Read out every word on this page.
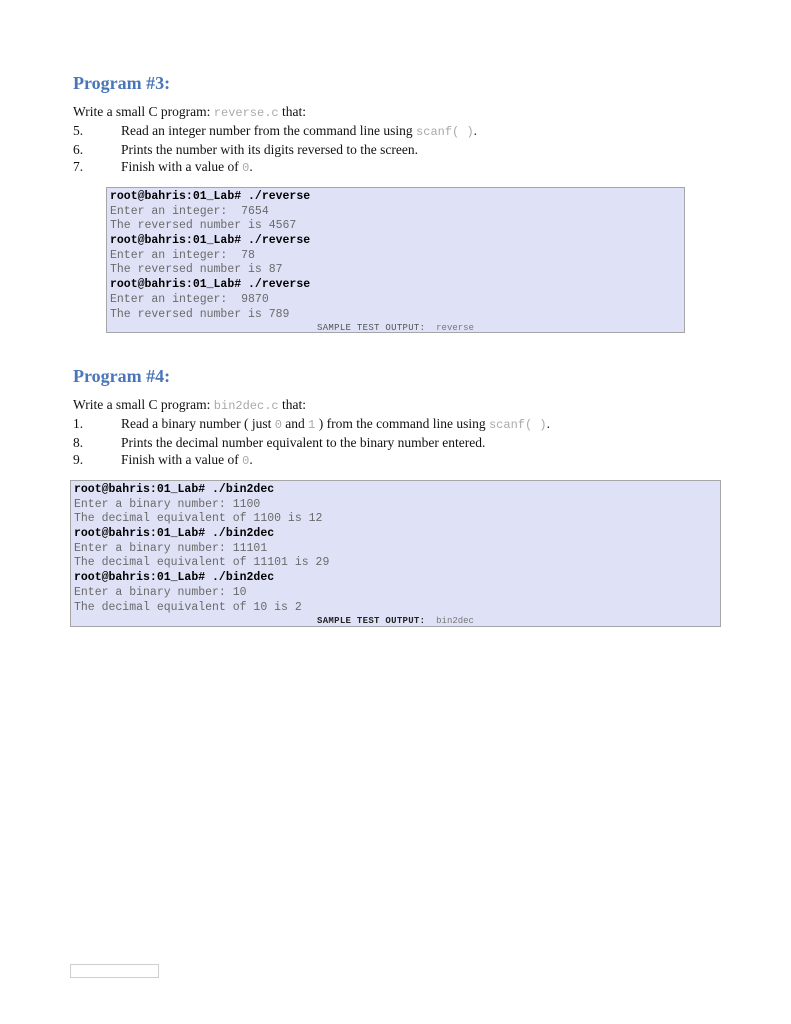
Program #3:
Write a small C program: reverse.c that:
5.	Read an integer number from the command line using scanf( ).
6.	Prints the number with its digits reversed to the screen.
7.	Finish with a value of 0.
root@bahris:01_Lab# ./reverse
Enter an integer:  7654
The reversed number is 4567
root@bahris:01_Lab# ./reverse
Enter an integer:  78
The reversed number is 87
root@bahris:01_Lab# ./reverse
Enter an integer:  9870
The reversed number is 789
SAMPLE TEST OUTPUT: reverse
Program #4:
Write a small C program: bin2dec.c that:
1.	Read a binary number ( just 0 and 1 ) from the command line using scanf( ).
8.	Prints the decimal number equivalent to the binary number entered.
9.	Finish with a value of 0.
root@bahris:01_Lab# ./bin2dec
Enter a binary number: 1100
The decimal equivalent of 1100 is 12
root@bahris:01_Lab# ./bin2dec
Enter a binary number: 11101
The decimal equivalent of 11101 is 29
root@bahris:01_Lab# ./bin2dec
Enter a binary number: 10
The decimal equivalent of 10 is 2
SAMPLE TEST OUTPUT: bin2dec
